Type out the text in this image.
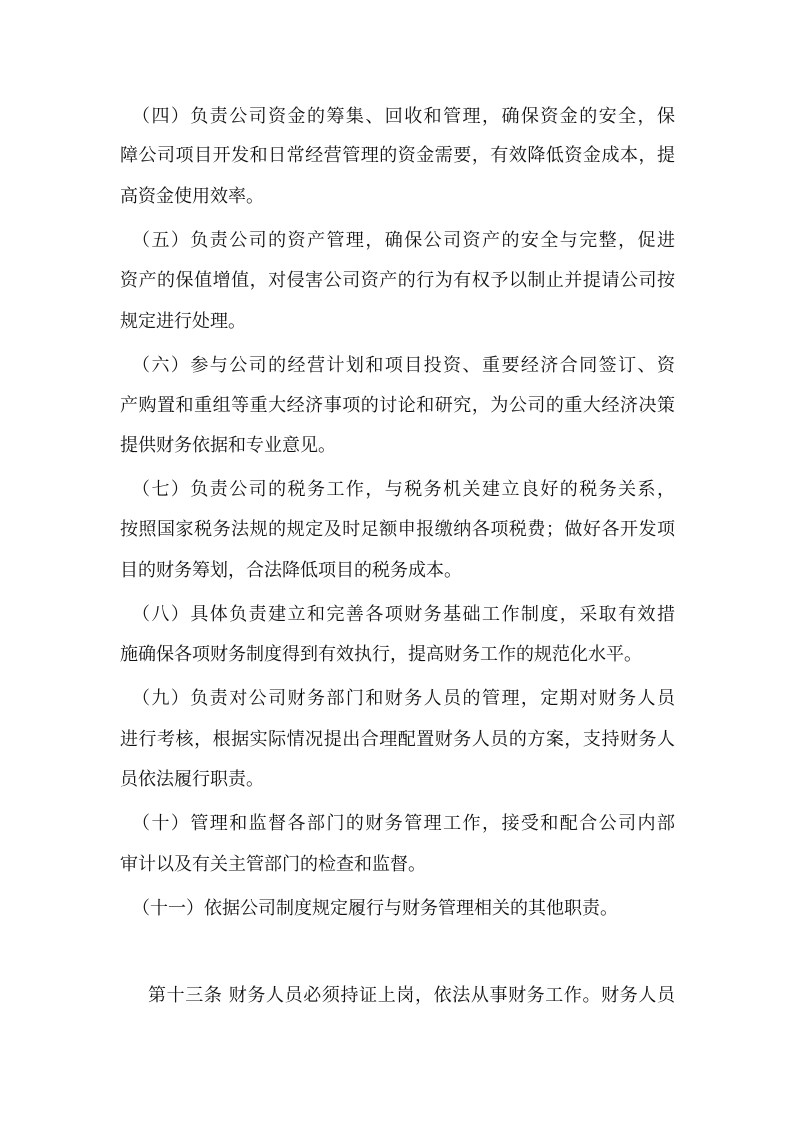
（四）负责公司资金的筹集、回收和管理，确保资金的安全，保
障公司项目开发和日常经营管理的资金需要，有效降低资金成本，提
高资金使用效率。
（五）负责公司的资产管理，确保公司资产的安全与完整，促进
资产的保值增值，对侵害公司资产的行为有权予以制止并提请公司按
规定进行处理。
（六）参与公司的经营计划和项目投资、重要经济合同签订、资
产购置和重组等重大经济事项的讨论和研究，为公司的重大经济决策
提供财务依据和专业意见。
（七）负责公司的税务工作，与税务机关建立良好的税务关系，
按照国家税务法规的规定及时足额申报缴纳各项税费；做好各开发项
目的财务筹划，合法降低项目的税务成本。
（八）具体负责建立和完善各项财务基础工作制度，采取有效措
施确保各项财务制度得到有效执行，提高财务工作的规范化水平。
（九）负责对公司财务部门和财务人员的管理，定期对财务人员
进行考核，根据实际情况提出合理配置财务人员的方案，支持财务人
员依法履行职责。
（十）管理和监督各部门的财务管理工作，接受和配合公司内部
审计以及有关主管部门的检查和监督。
（十一）依据公司制度规定履行与财务管理相关的其他职责。
第十三条 财务人员必须持证上岗，依法从事财务工作。财务人员
